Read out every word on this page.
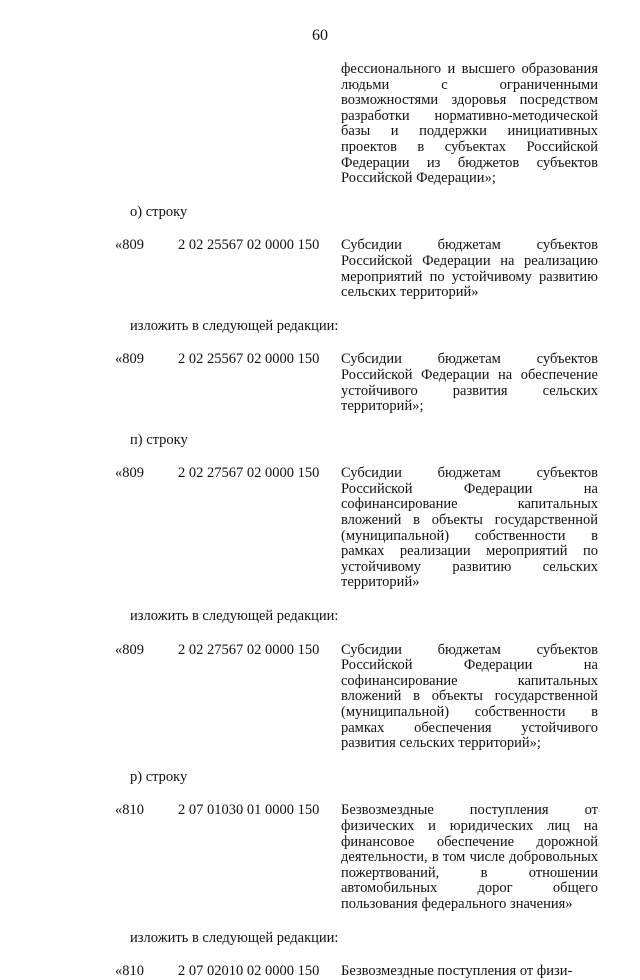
60
фессионального и высшего образования людьми с ограниченными возможностями здоровья посредством разработки нормативно-методической базы и поддержки инициативных проектов в субъектах Российской Федерации из бюджетов субъектов Российской Федерации»;
о) строку
«809	2 02 25567 02 0000 150	Субсидии бюджетам субъектов Российской Федерации на реализацию мероприятий по устойчивому развитию сельских территорий»
изложить в следующей редакции:
«809	2 02 25567 02 0000 150	Субсидии бюджетам субъектов Российской Федерации на обеспечение устойчивого развития сельских территорий»;
п) строку
«809	2 02 27567 02 0000 150	Субсидии бюджетам субъектов Российской Федерации на софинансирование капитальных вложений в объекты государственной (муниципальной) собственности в рамках реализации мероприятий по устойчивому развитию сельских территорий»
изложить в следующей редакции:
«809	2 02 27567 02 0000 150	Субсидии бюджетам субъектов Российской Федерации на софинансирование капитальных вложений в объекты государственной (муниципальной) собственности в рамках обеспечения устойчивого развития сельских территорий»;
р) строку
«810	2 07 01030 01 0000 150	Безвозмездные поступления от физических и юридических лиц на финансовое обеспечение дорожной деятельности, в том числе добровольных пожертвований, в отношении автомобильных дорог общего пользования федерального значения»
изложить в следующей редакции:
«810	2 07 02010 02 0000 150	Безвозмездные поступления от физи-
